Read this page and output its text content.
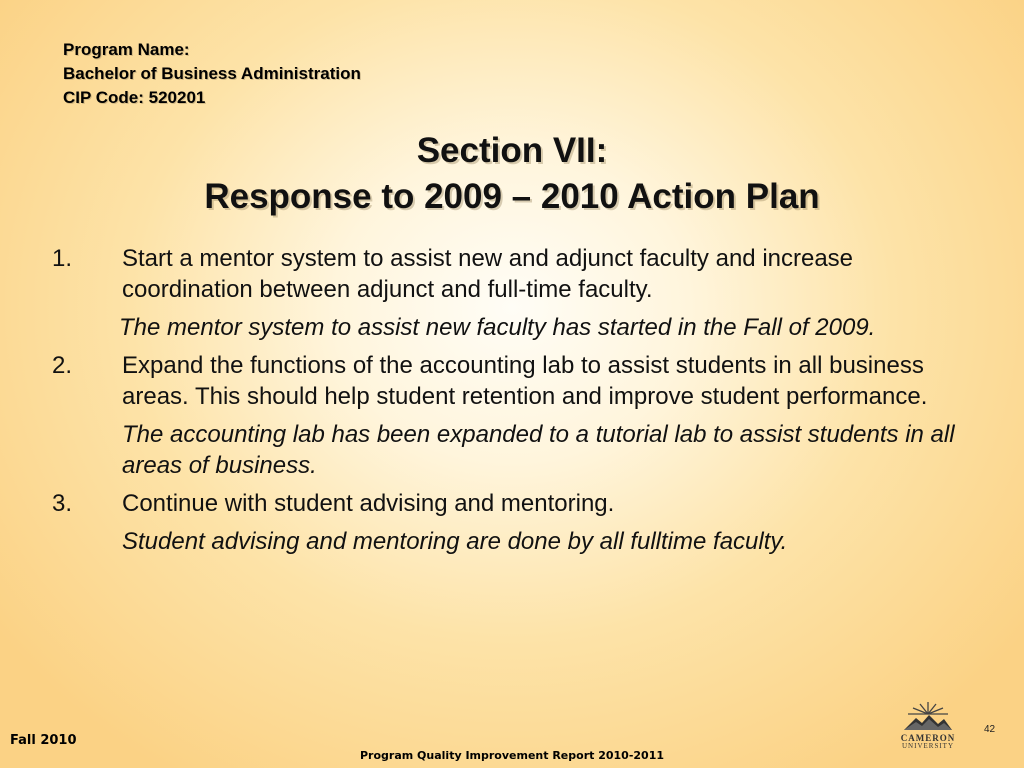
Program Name:
Bachelor of Business Administration
CIP Code: 520201
Section VII:
Response to 2009 – 2010 Action Plan
1. Start a mentor system to assist new and adjunct faculty and increase coordination between adjunct and full-time faculty.
The mentor system to assist new faculty has started in the Fall of 2009.
2. Expand the functions of the accounting lab to assist students in all business areas. This should help student retention and improve student performance.
The accounting lab has been expanded to a tutorial lab to assist students in all areas of business.
3. Continue with student advising and mentoring.
Student advising and mentoring are done by all fulltime faculty.
Fall 2010
Program Quality Improvement Report 2010-2011
42
CAMERON
UNIVERSITY
